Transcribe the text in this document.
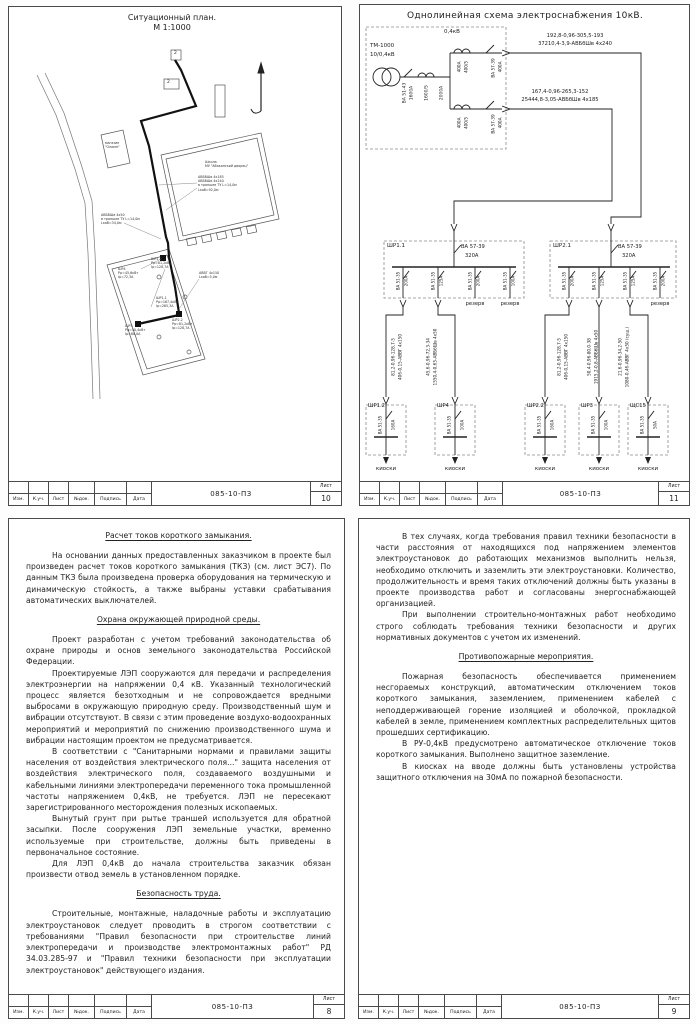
Ситуационный план.
М 1:1000
магазин
"Олимп"
Школа
МУ "Абаканский дворец"
2
2
АВБбШв 4х185
АВБбШв 4х240
в траншее ТУ L=14,0м
Lкаб=92,0м
АВБбШв 4х50
в траншее ТУ L=14,0м
Lкаб=34,0м
АВВГ 4х150
Lкаб=5,0м
ШР4
Pр=45,6кВт
Iр=72,3А
ШР1.2
Pр=81,2кВт
Iр=128,7А
ШР1.1
Pр=167,4кВт
Iр=265,3А
ШР2.2
Pр=81,2кВт
Iр=128,7А
ШР3
Pр=50,4кВт
Iр=80,0А
Изм.	К.уч.	Лист	№док.	Подпись	Дата
085-10-ПЗ
Лист
10
Однолинейная схема электроснабжения 10кВ.
ТМ-1000
10/0,4кВ
0,4кВ
ВА 51-43 1600А 1600/5 2000А
400А 400/5	ВА 57-39 400А
400А 400/5	ВА 57-39 400А
192,8-0,96-305,5-193
37210,4-3,9-АВБбШв 4х240
167,4-0,96-265,3-152
25444,8-3,05-АВБбШв 4х185
ШР1.1	ВА 57-39
320А
ШР2.1	ВА 57-39
320А
ВА 51-35 200А	ВА 51-35 125А	ВА 51-35 200А	ВА 51-35 100А	ВА 51-35 200А	ВА 51-35 125А	ВА 51-35 125А	ВА 51-35 200А
резерв	резерв	резерв
81,2-0,96-128,7-5 406-0,15-АВВГ 4х150	45,6-0,96-72,3-34 1550,4-0,65-АВБбШв 4х50	81,2-0,96-128,7-5 406-0,15-АВВГ 4х150	50,4-0,96-80,0-38 1915,2-0,8-АВБбШв 4х50	21,6-0,96-34,2-50 1080-0,46-АВВГ 4х50 (сущ.)
ШР1.2
ВА 51-35 160А
киоски
ШР4
ВА 51-35 100А
киоски
ШР2.2
ВА 51-35 160А
киоски
ШР3
ВА 51-35 100А
киоски
ЩС15
ВА 51-35 50А
киоски
Изм.	К.уч.	Лист	№док.	Подпись	Дата
085-10-ПЗ
Лист
11
Расчет токов короткого замыкания.

На основании данных предоставленных заказчиком в проекте был произведен расчет токов короткого замыкания (ТКЗ) (см. лист ЭС7). По данным ТКЗ была произведена проверка оборудования на термическую и динамическую стойкость, а также выбраны уставки срабатывания автоматических выключателей.

Охрана окружающей природной среды.

Проект разработан с учетом требований законодательства об охране природы и основ земельного законодательства Российской Федерации.

Проектируемые ЛЭП сооружаются для передачи и распределения электроэнергии на напряжении 0,4 кВ. Указанный технологический процесс является безотходным и не сопровождается вредными выбросами в окружающую природную среду. Производственный шум и вибрации отсутствуют. В связи с этим проведение воздухо-водоохранных мероприятий и мероприятий по снижению производственного шума и вибрации настоящим проектом не предусматривается.

В соответствии с "Санитарными нормами и правилами защиты населения от воздействия электрического поля..." защита населения от воздействия электрического поля, создаваемого воздушными и кабельными линиями электропередачи переменного тока промышленной частоты напряжением 0,4кВ, не требуется. ЛЭП не пересекают зарегистрированного месторождения полезных ископаемых.

Вынутый грунт при рытье траншей используется для обратной засыпки. После сооружения ЛЭП земельные участки, временно используемые при строительстве, должны быть приведены в первоначальное состояние.

Для ЛЭП 0,4кВ до начала строительства заказчик обязан произвести отвод земель в установленном порядке.

Безопасность труда.

Строительные, монтажные, наладочные работы и эксплуатацию электроустановок следует проводить в строгом соответствии с требованиями "Правил безопасности при строительстве линий электропередачи и производстве электромонтажных работ" РД 34.03.285-97 и "Правил техники безопасности при эксплуатации электроустановок" действующего издания.

Изм.	К.уч.	Лист	№док.	Подпись	Дата
085-10-ПЗ
Лист
8

В тех случаях, когда требования правил техники безопасности в части расстояния от находящихся под напряжением элементов электроустановок до работающих механизмов выполнить нельзя, необходимо отключить и заземлить эти электроустановки. Количество, продолжительность и время таких отключений должны быть указаны в проекте производства работ и согласованы энергоснабжающей организацией.

При выполнении строительно-монтажных работ необходимо строго соблюдать требования техники безопасности и других нормативных документов с учетом их изменений.

Противопожарные мероприятия.

Пожарная безопасность обеспечивается применением несгораемых конструкций, автоматическим отключением токов короткого замыкания, заземлением, применением кабелей с неподдерживающей горение изоляцией и оболочкой, прокладкой кабелей в земле, применением комплектных распределительных щитов прошедших сертификацию.

В РУ-0,4кВ предусмотрено автоматическое отключение токов короткого замыкания. Выполнено защитное заземление.

В киосках на вводе должны быть установлены устройства защитного отключения на 30мА по пожарной безопасности.

Изм.	К.уч.	Лист	№док.	Подпись	Дата
085-10-ПЗ
Лист
9
